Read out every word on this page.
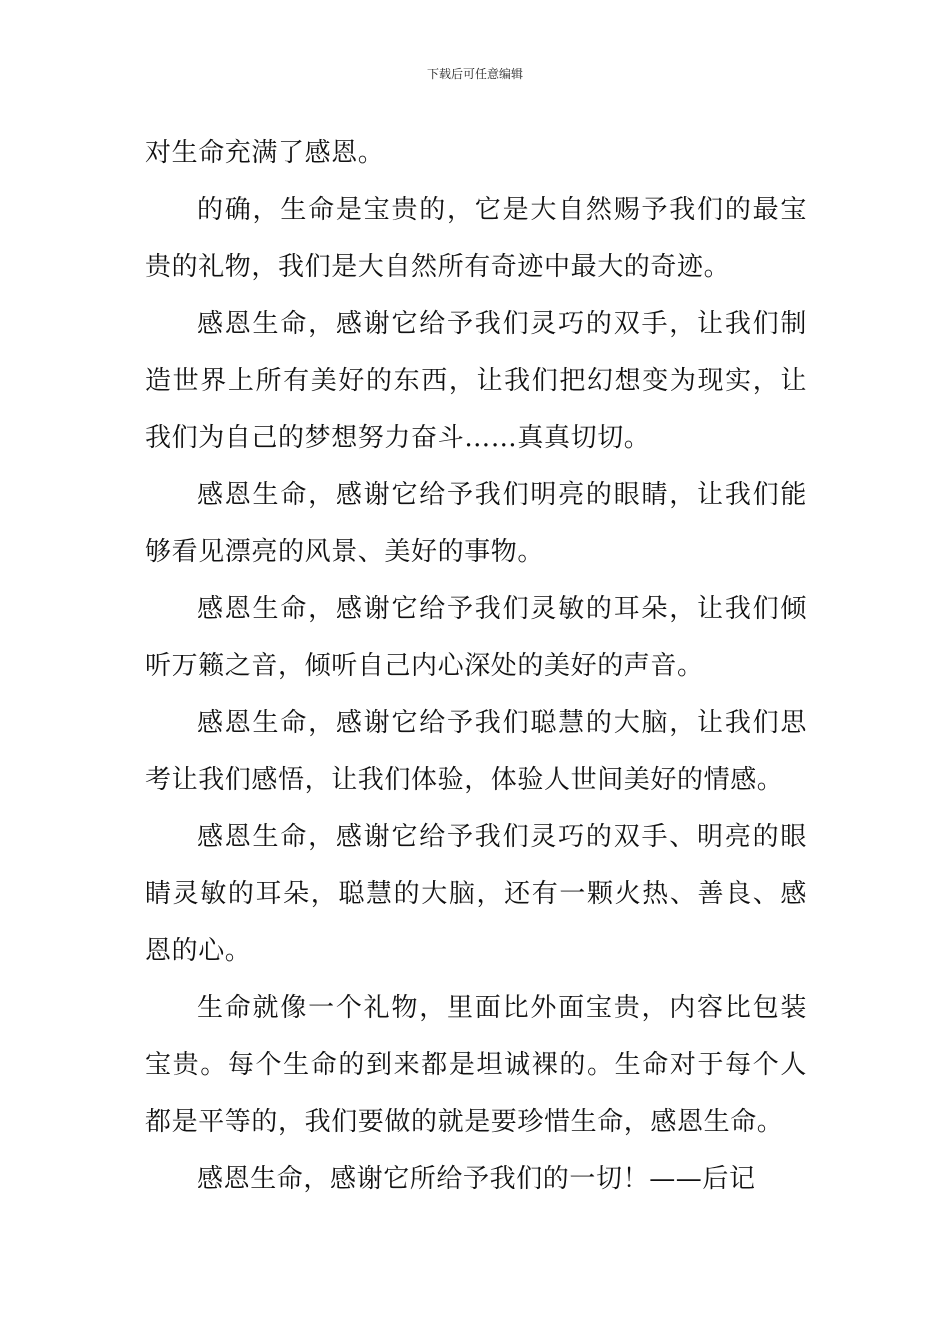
下载后可任意编辑

对生命充满了感恩。

的确，生命是宝贵的，它是大自然赐予我们的最宝贵的礼物，我们是大自然所有奇迹中最大的奇迹。

感恩生命，感谢它给予我们灵巧的双手，让我们制造世界上所有美好的东西，让我们把幻想变为现实，让我们为自己的梦想努力奋斗……真真切切。

感恩生命，感谢它给予我们明亮的眼睛，让我们能够看见漂亮的风景、美好的事物。

感恩生命，感谢它给予我们灵敏的耳朵，让我们倾听万籁之音，倾听自己内心深处的美好的声音。

感恩生命，感谢它给予我们聪慧的大脑，让我们思考让我们感悟，让我们体验，体验人世间美好的情感。

感恩生命，感谢它给予我们灵巧的双手、明亮的眼睛灵敏的耳朵，聪慧的大脑，还有一颗火热、善良、感恩的心。

生命就像一个礼物，里面比外面宝贵，内容比包装宝贵。每个生命的到来都是坦诚裸的。生命对于每个人都是平等的，我们要做的就是要珍惜生命，感恩生命。

感恩生命，感谢它所给予我们的一切！——后记
